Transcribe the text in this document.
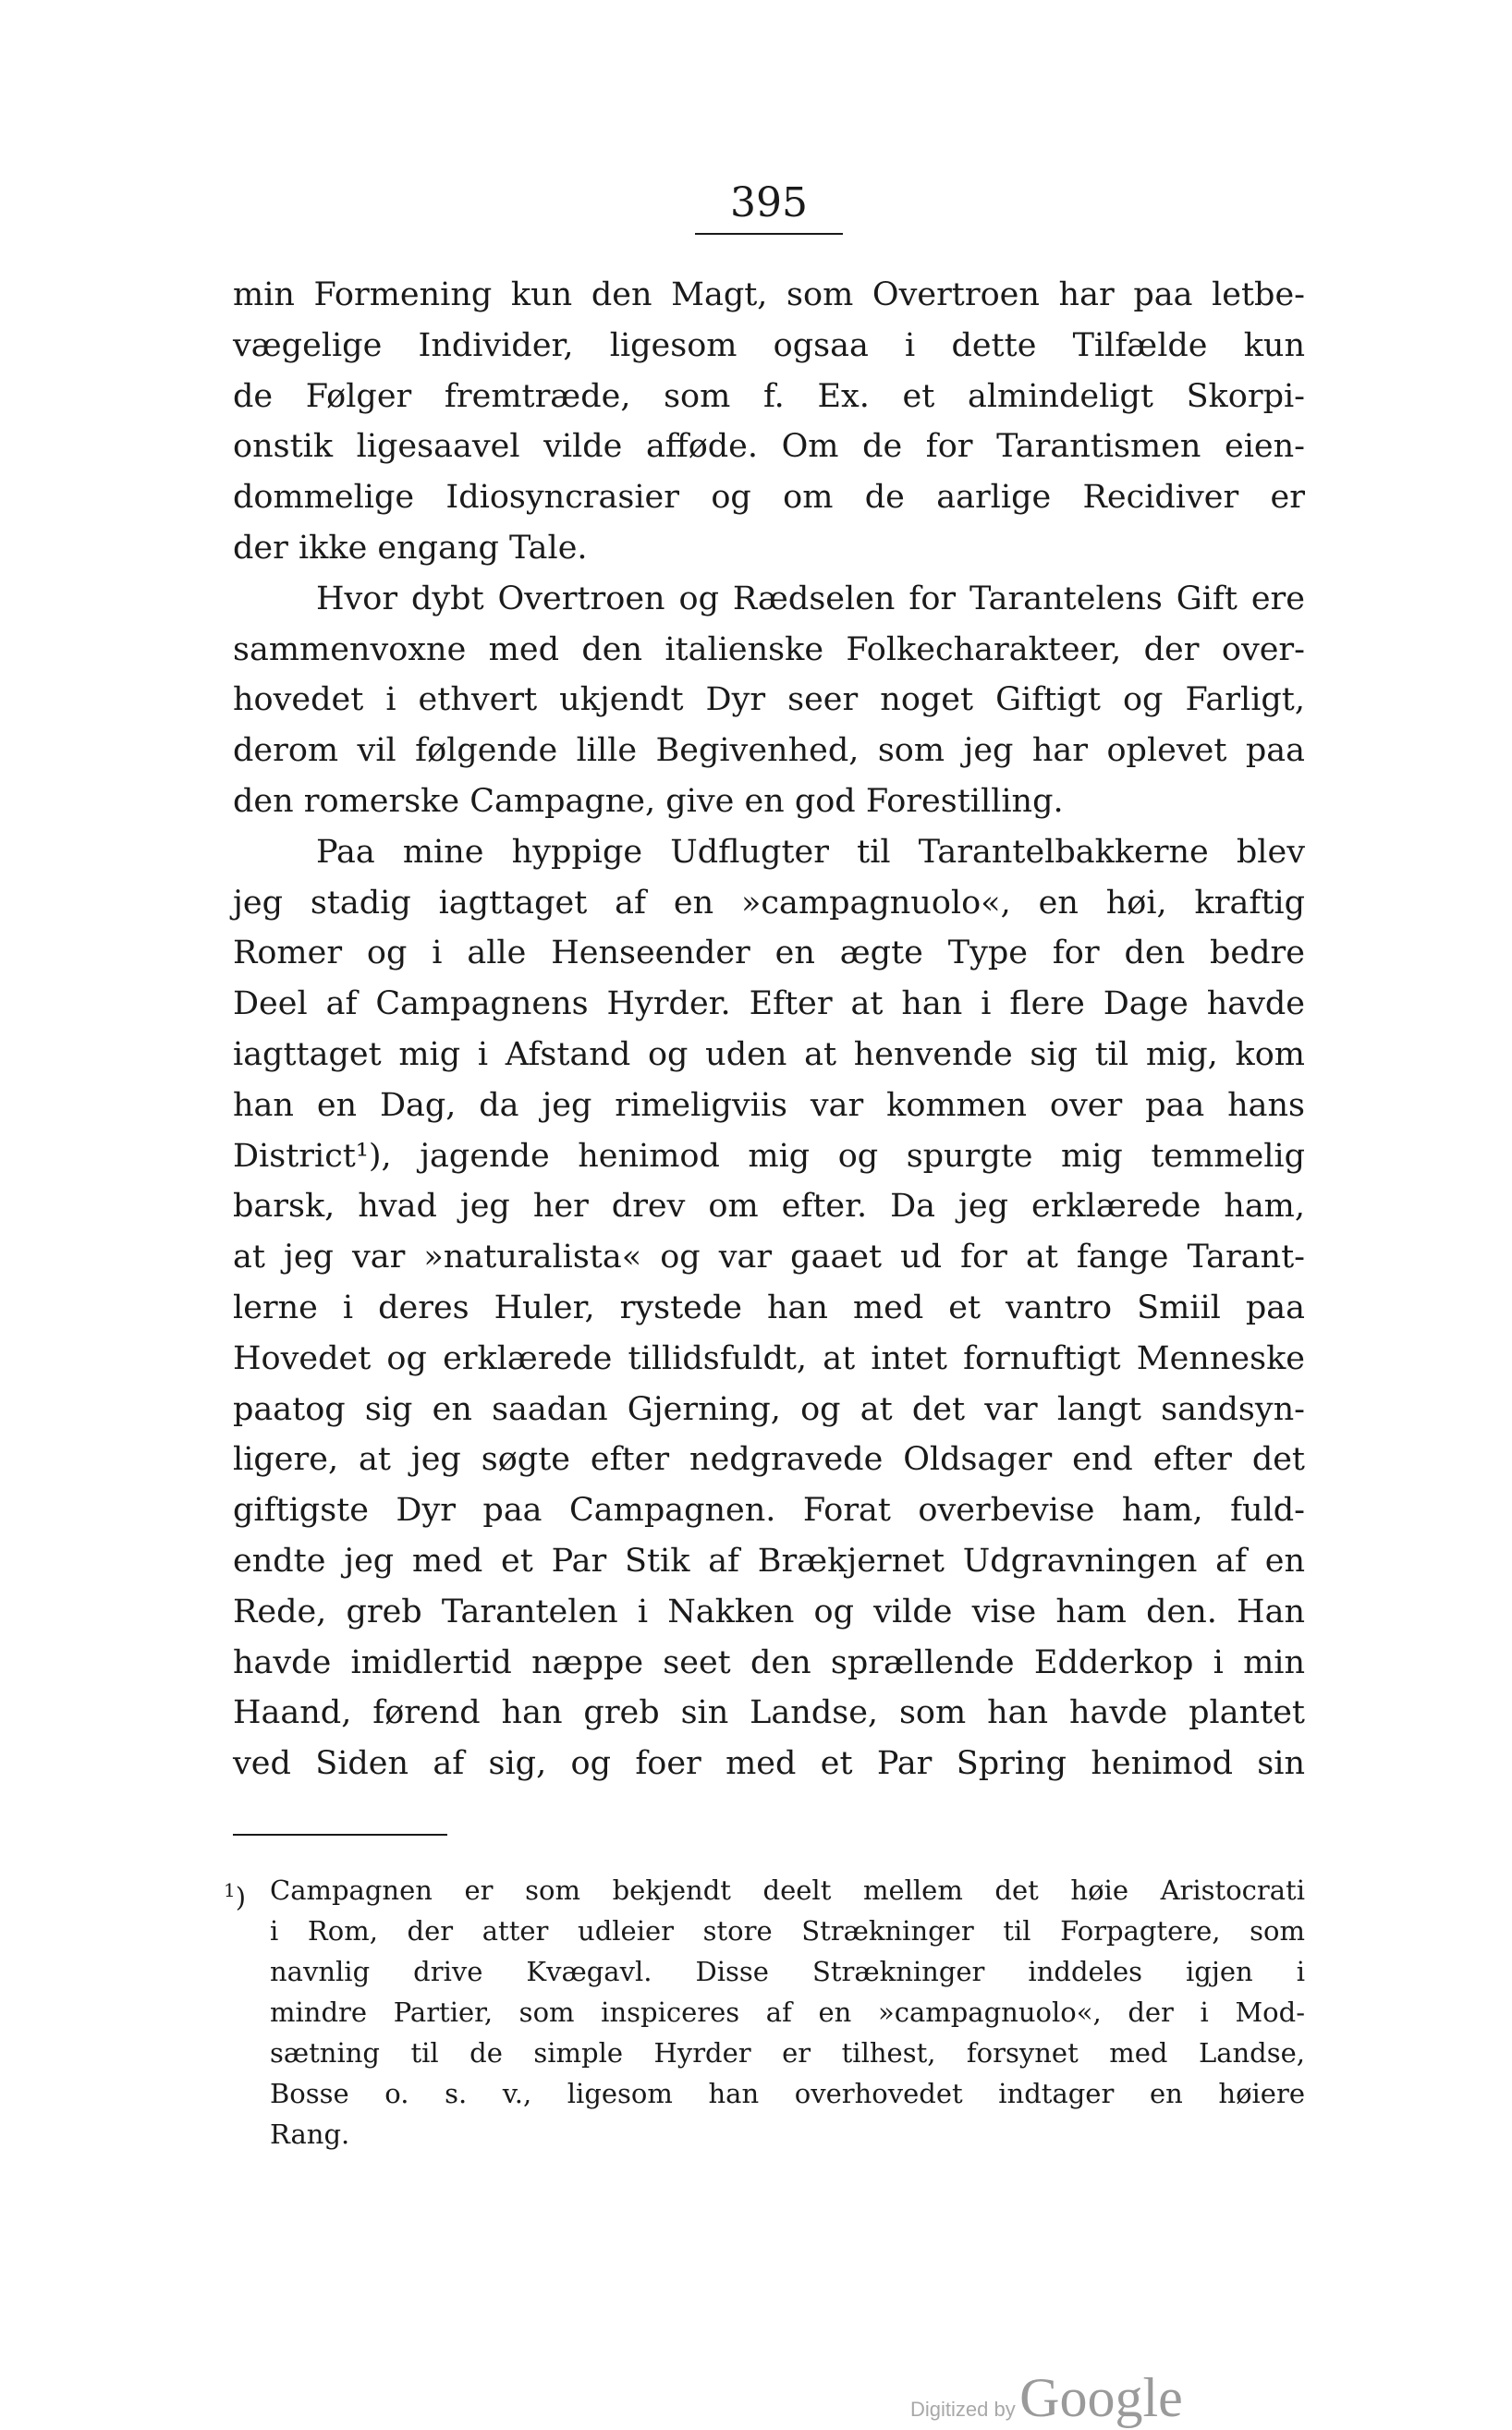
395
min Formening kun den Magt, som Overtroen har paa letbe-
vægelige Individer, ligesom ogsaa i dette Tilfælde kun
de Følger fremtræde, som f. Ex. et almindeligt Skorpi-
onstik ligesaavel vilde afføde. Om de for Tarantismen eien-
dommelige Idiosyncrasier og om de aarlige Recidiver er
der ikke engang Tale.
Hvor dybt Overtroen og Rædselen for Tarantelens Gift ere
sammenvoxne med den italienske Folkecharakteer, der over-
hovedet i ethvert ukjendt Dyr seer noget Giftigt og Farligt,
derom vil følgende lille Begivenhed, som jeg har oplevet paa
den romerske Campagne, give en god Forestilling.
Paa mine hyppige Udflugter til Tarantelbakkerne blev
jeg stadig iagttaget af en »campagnuolo«, en høi, kraftig
Romer og i alle Henseender en ægte Type for den bedre
Deel af Campagnens Hyrder. Efter at han i flere Dage havde
iagttaget mig i Afstand og uden at henvende sig til mig, kom
han en Dag, da jeg rimeligviis var kommen over paa hans
District¹), jagende henimod mig og spurgte mig temmelig
barsk, hvad jeg her drev om efter. Da jeg erklærede ham,
at jeg var »naturalista« og var gaaet ud for at fange Tarant-
lerne i deres Huler, rystede han med et vantro Smiil paa
Hovedet og erklærede tillidsfuldt, at intet fornuftigt Menneske
paatog sig en saadan Gjerning, og at det var langt sandsyn-
ligere, at jeg søgte efter nedgravede Oldsager end efter det
giftigste Dyr paa Campagnen. Forat overbevise ham, fuld-
endte jeg med et Par Stik af Brækjernet Udgravningen af en
Rede, greb Tarantelen i Nakken og vilde vise ham den. Han
havde imidlertid næppe seet den sprællende Edderkop i min
Haand, førend han greb sin Landse, som han havde plantet
ved Siden af sig, og foer med et Par Spring henimod sin
$^1$) Campagnen er som bekjendt deelt mellem det høie Aristocrati
i Rom, der atter udleier store Strækninger til Forpagtere, som
navnlig drive Kvægavl. Disse Strækninger inddeles igjen i
mindre Partier, som inspiceres af en »campagnuolo«, der i Mod-
sætning til de simple Hyrder er tilhest, forsynet med Landse,
Bosse o. s. v., ligesom han overhovedet indtager en høiere
Rang.
Digitized by Google
